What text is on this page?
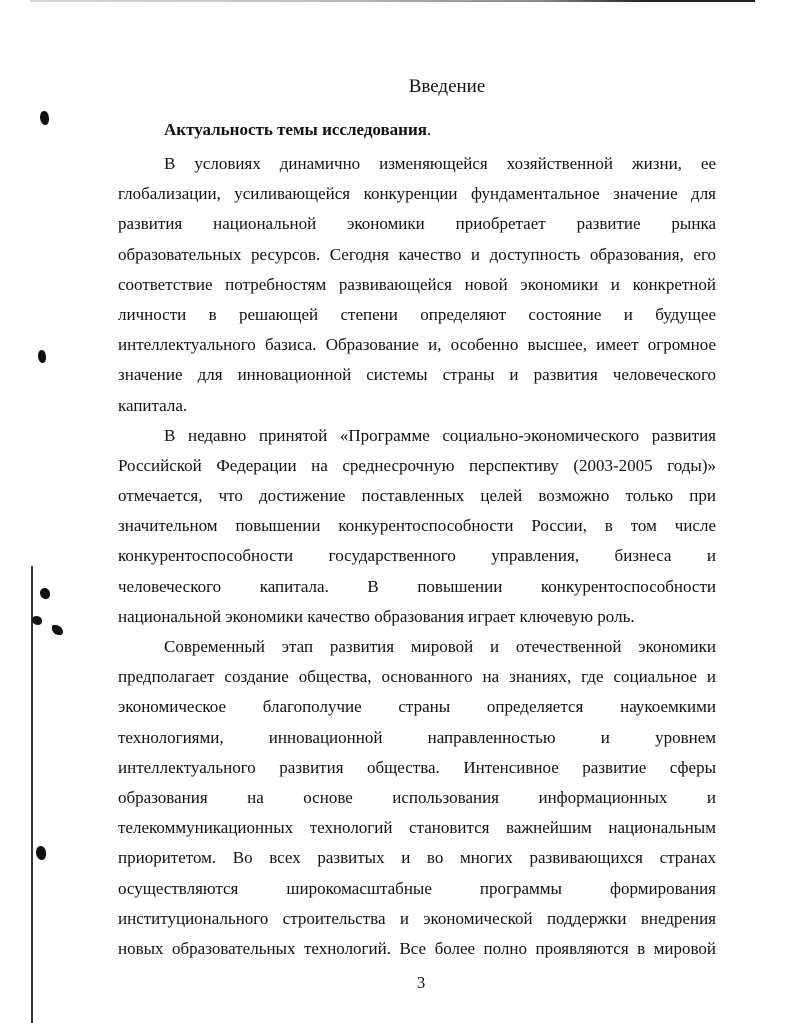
Введение
Актуальность темы исследования.

В условиях динамично изменяющейся хозяйственной жизни, ее
глобализации, усиливающейся конкуренции фундаментальное значение для
развития национальной экономики приобретает развитие рынка
образовательных ресурсов. Сегодня качество и доступность образования, его
соответствие потребностям развивающейся новой экономики и конкретной
личности в решающей степени определяют состояние и будущее
интеллектуального базиса. Образование и, особенно высшее, имеет огромное
значение для инновационной системы страны и развития человеческого
капитала.

В недавно принятой «Программе социально-экономического развития
Российской Федерации на среднесрочную перспективу (2003-2005 годы)»
отмечается, что достижение поставленных целей возможно только при
значительном повышении конкурентоспособности России, в том числе
конкурентоспособности государственного управления, бизнеса и
человеческого капитала. В повышении конкурентоспособности
национальной экономики качество образования играет ключевую роль.

Современный этап развития мировой и отечественной экономики
предполагает создание общества, основанного на знаниях, где социальное и
экономическое благополучие страны определяется наукоемкими
технологиями, инновационной направленностью и уровнем
интеллектуального развития общества. Интенсивное развитие сферы
образования на основе использования информационных и
телекоммуникационных технологий становится важнейшим национальным
приоритетом. Во всех развитых и во многих развивающихся странах
осуществляются широкомасштабные программы формирования
институционального строительства и экономической поддержки внедрения
новых образовательных технологий. Все более полно проявляются в мировой

3
